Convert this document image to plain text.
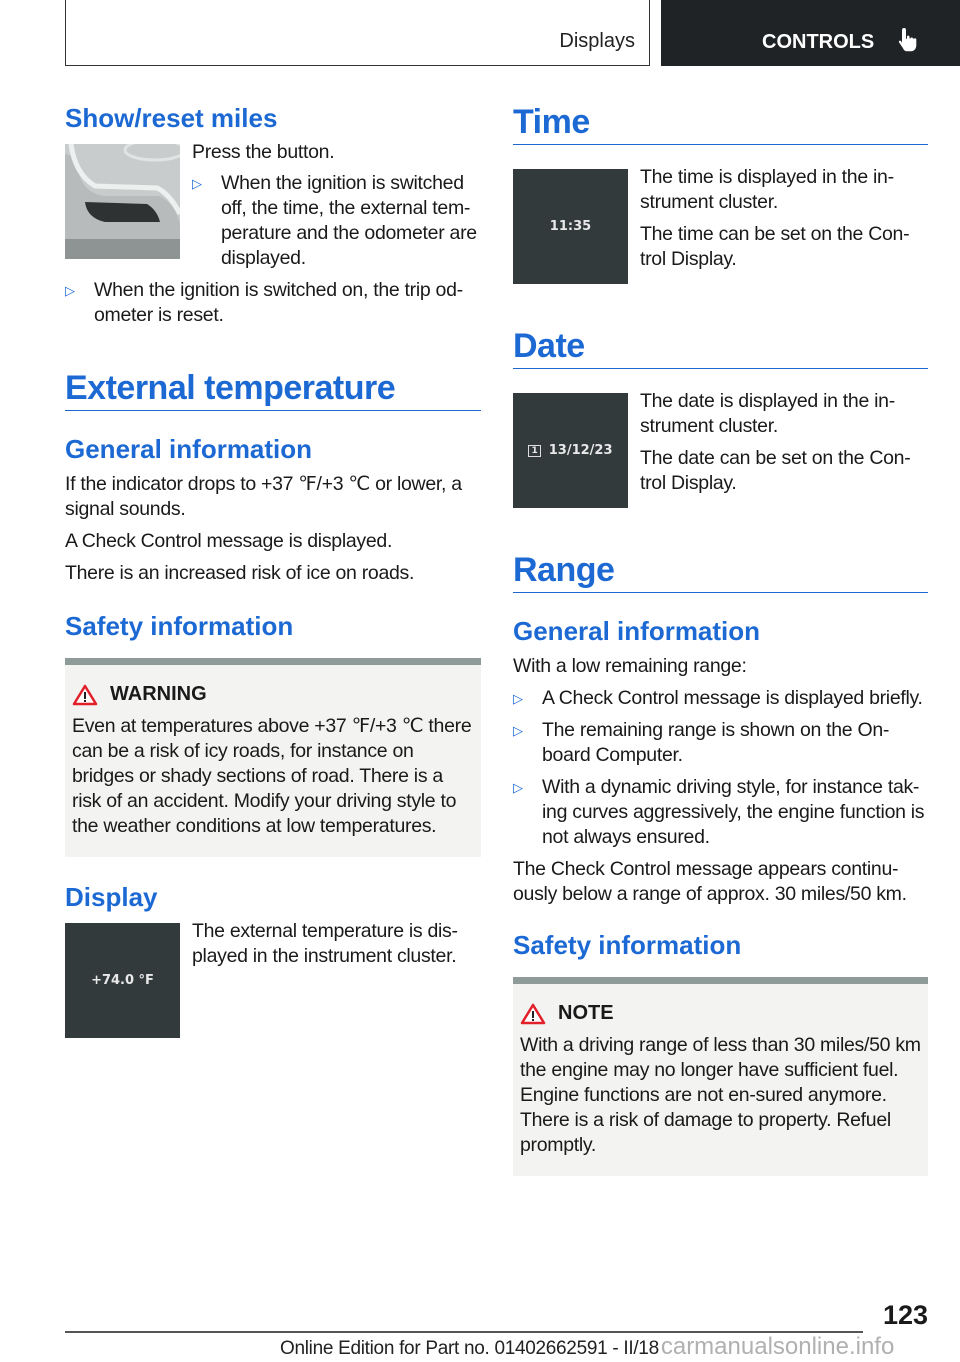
Displays	CONTROLS
Show/reset miles

Press the button.

▷ When the ignition is switched off, the time, the external tem-perature and the odometer are displayed.
▷ When the ignition is switched on, the trip od-ometer is reset.
External temperature
General information

If the indicator drops to +37 ℉/+3 ℃ or lower, a signal sounds.

A Check Control message is displayed.

There is an increased risk of ice on roads.

Safety information
WARNING
Even at temperatures above +37 ℉/+3 ℃ there can be a risk of icy roads, for instance on bridges or shady sections of road. There is a risk of an accident. Modify your driving style to the weather conditions at low temperatures.
Display
+74.0 °F

The external temperature is dis-played in the instrument cluster.

Time
11:35

The time is displayed in the in-strument cluster.

The time can be set on the Con-trol Display.

Date
1 13/12/23

The date is displayed in the in-strument cluster.

The date can be set on the Con-trol Display.

Range
General information

With a low remaining range:

▷ A Check Control message is displayed briefly.
▷ The remaining range is shown on the On-board Computer.
▷ With a dynamic driving style, for instance tak-ing curves aggressively, the engine function is not always ensured.

The Check Control message appears continu-ously below a range of approx. 30 miles/50 km.

Safety information
NOTE
With a driving range of less than 30 miles/50 km the engine may no longer have sufficient fuel. Engine functions are not en-sured anymore. There is a risk of damage to property. Refuel promptly.
123
Online Edition for Part no. 01402662591 - II/18 carmanualsonline.info
